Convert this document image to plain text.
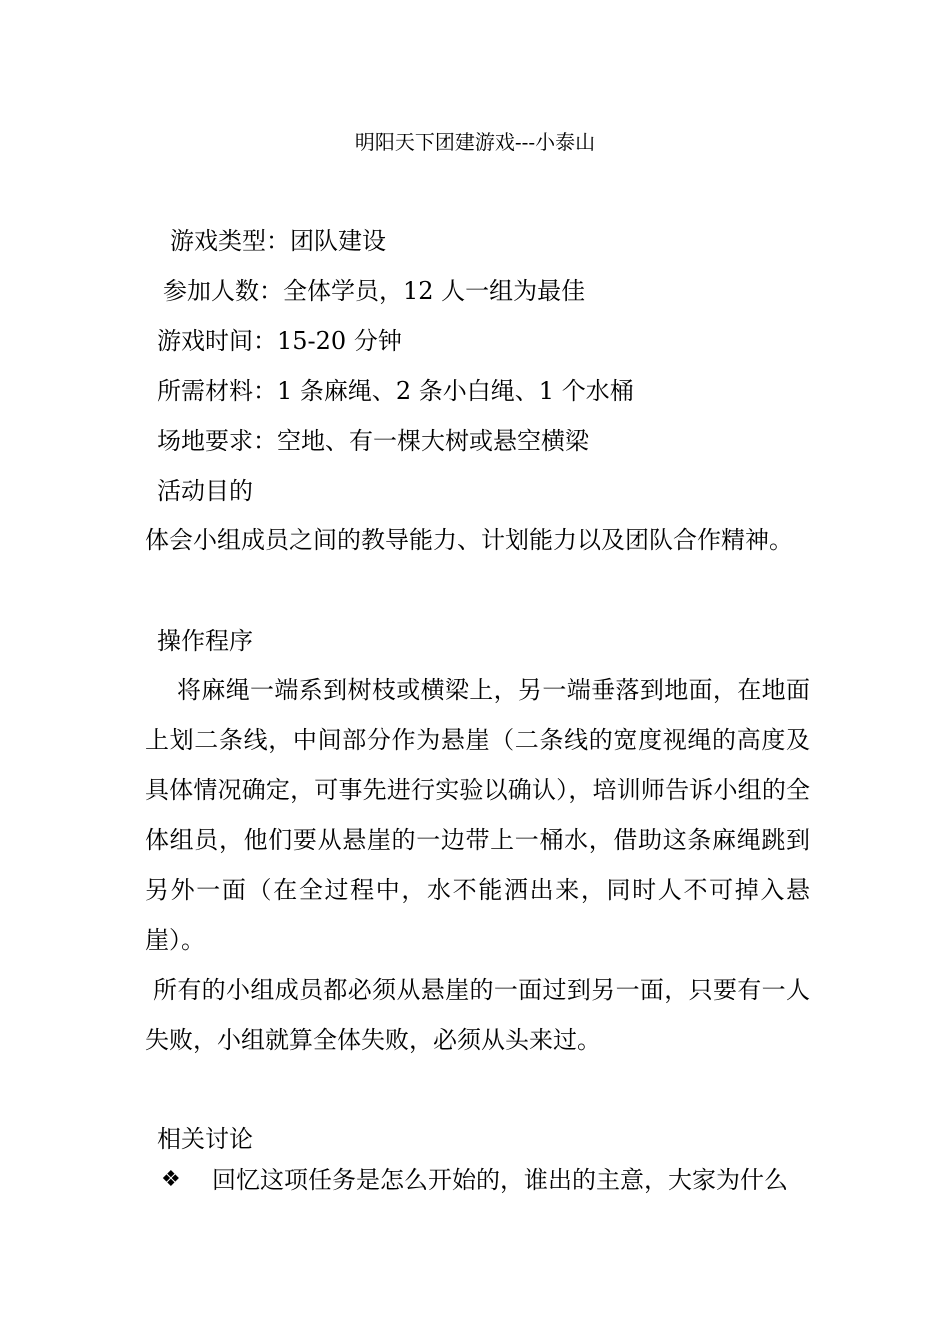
明阳天下团建游戏---小泰山
游戏类型：团队建设
参加人数：全体学员，12 人一组为最佳
游戏时间：15-20 分钟
所需材料：1 条麻绳、2 条小白绳、1 个水桶
场地要求：空地、有一棵大树或悬空横梁
活动目的
体会小组成员之间的教导能力、计划能力以及团队合作精神。
操作程序
将麻绳一端系到树枝或横梁上，另一端垂落到地面，在地面上划二条线，中间部分作为悬崖（二条线的宽度视绳的高度及具体情况确定，可事先进行实验以确认），培训师告诉小组的全体组员，他们要从悬崖的一边带上一桶水，借助这条麻绳跳到另外一面（在全过程中，水不能洒出来，同时人不可掉入悬崖）。
所有的小组成员都必须从悬崖的一面过到另一面，只要有一人失败，小组就算全体失败，必须从头来过。
相关讨论
❖ 回忆这项任务是怎么开始的，谁出的主意，大家为什么
